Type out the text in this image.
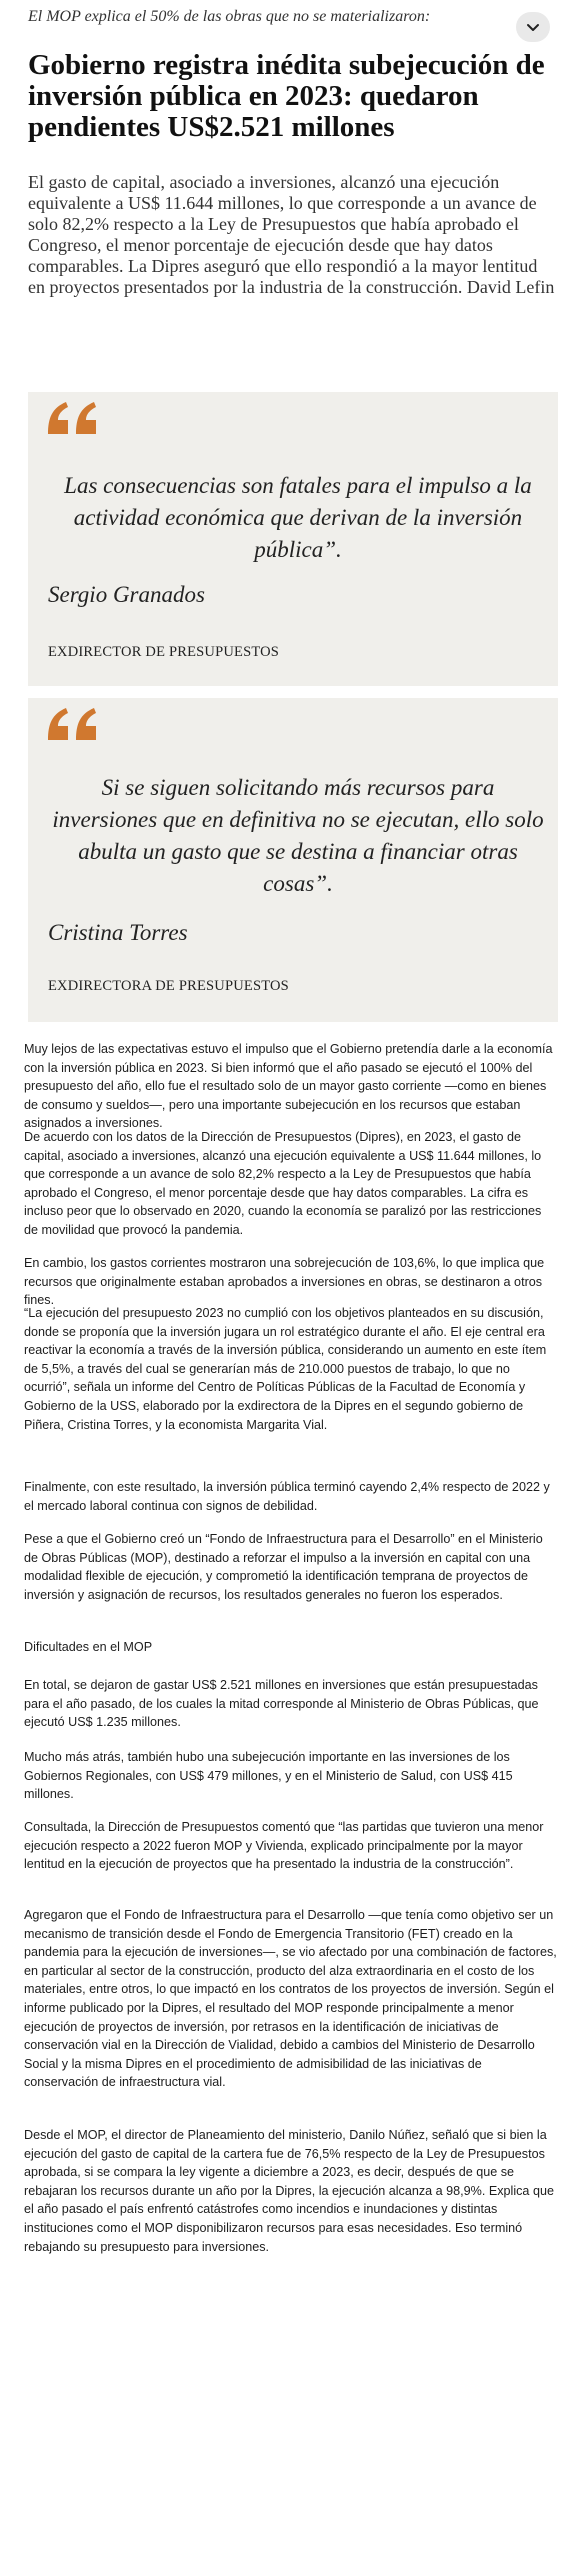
El MOP explica el 50% de las obras que no se materializaron:
Gobierno registra inédita subejecución de inversión pública en 2023: quedaron pendientes US$2.521 millones

El gasto de capital, asociado a inversiones, alcanzó una ejecución equivalente a US$ 11.644 millones, lo que corresponde a un avance de solo 82,2% respecto a la Ley de Presupuestos que había aprobado el Congreso, el menor porcentaje de ejecución desde que hay datos comparables. La Dipres aseguró que ello respondió a la mayor lentitud en proyectos presentados por la industria de la construcción. David Lefin

Las consecuencias son fatales para el impulso a la actividad económica que derivan de la inversión pública”.
Sergio Granados
EXDIRECTOR DE PRESUPUESTOS
Si se siguen solicitando más recursos para inversiones que en definitiva no se ejecutan, ello solo abulta un gasto que se destina a financiar otras cosas”.
Cristina Torres
EXDIRECTORA DE PRESUPUESTOS

Muy lejos de las expectativas estuvo el impulso que el Gobierno pretendía darle a la economía con la inversión pública en 2023. Si bien informó que el año pasado se ejecutó el 100% del presupuesto del año, ello fue el resultado solo de un mayor gasto corriente —como en bienes de consumo y sueldos—, pero una importante subejecución en los recursos que estaban asignados a inversiones.

De acuerdo con los datos de la Dirección de Presupuestos (Dipres), en 2023, el gasto de capital, asociado a inversiones, alcanzó una ejecución equivalente a US$ 11.644 millones, lo que corresponde a un avance de solo 82,2% respecto a la Ley de Presupuestos que había aprobado el Congreso, el menor porcentaje desde que hay datos comparables. La cifra es incluso peor que lo observado en 2020, cuando la economía se paralizó por las restricciones de movilidad que provocó la pandemia.

En cambio, los gastos corrientes mostraron una sobrejecución de 103,6%, lo que implica que recursos que originalmente estaban aprobados a inversiones en obras, se destinaron a otros fines.

“La ejecución del presupuesto 2023 no cumplió con los objetivos planteados en su discusión, donde se proponía que la inversión jugara un rol estratégico durante el año. El eje central era reactivar la economía a través de la inversión pública, considerando un aumento en este ítem de 5,5%, a través del cual se generarían más de 210.000 puestos de trabajo, lo que no ocurrió”, señala un informe del Centro de Políticas Públicas de la Facultad de Economía y Gobierno de la USS, elaborado por la exdirectora de la Dipres en el segundo gobierno de Piñera, Cristina Torres, y la economista Margarita Vial.

Finalmente, con este resultado, la inversión pública terminó cayendo 2,4% respecto de 2022 y el mercado laboral continua con signos de debilidad.

Pese a que el Gobierno creó un “Fondo de Infraestructura para el Desarrollo” en el Ministerio de Obras Públicas (MOP), destinado a reforzar el impulso a la inversión en capital con una modalidad flexible de ejecución, y comprometió la identificación temprana de proyectos de inversión y asignación de recursos, los resultados generales no fueron los esperados.

Dificultades en el MOP

En total, se dejaron de gastar US$ 2.521 millones en inversiones que están presupuestadas para el año pasado, de los cuales la mitad corresponde al Ministerio de Obras Públicas, que ejecutó US$ 1.235 millones.

Mucho más atrás, también hubo una subejecución importante en las inversiones de los Gobiernos Regionales, con US$ 479 millones, y en el Ministerio de Salud, con US$ 415 millones.

Consultada, la Dirección de Presupuestos comentó que “las partidas que tuvieron una menor ejecución respecto a 2022 fueron MOP y Vivienda, explicado principalmente por la mayor lentitud en la ejecución de proyectos que ha presentado la industria de la construcción”.

Agregaron que el Fondo de Infraestructura para el Desarrollo —que tenía como objetivo ser un mecanismo de transición desde el Fondo de Emergencia Transitorio (FET) creado en la pandemia para la ejecución de inversiones—, se vio afectado por una combinación de factores, en particular al sector de la construcción, producto del alza extraordinaria en el costo de los materiales, entre otros, lo que impactó en los contratos de los proyectos de inversión. Según el informe publicado por la Dipres, el resultado del MOP responde principalmente a menor ejecución de proyectos de inversión, por retrasos en la identificación de iniciativas de conservación vial en la Dirección de Vialidad, debido a cambios del Ministerio de Desarrollo Social y la misma Dipres en el procedimiento de admisibilidad de las iniciativas de conservación de infraestructura vial.

Desde el MOP, el director de Planeamiento del ministerio, Danilo Núñez, señaló que si bien la ejecución del gasto de capital de la cartera fue de 76,5% respecto de la Ley de Presupuestos aprobada, si se compara la ley vigente a diciembre a 2023, es decir, después de que se rebajaran los recursos durante un año por la Dipres, la ejecución alcanza a 98,9%. Explica que el año pasado el país enfrentó catástrofes como incendios e inundaciones y distintas instituciones como el MOP disponibilizaron recursos para esas necesidades. Eso terminó rebajando su presupuesto para inversiones.
